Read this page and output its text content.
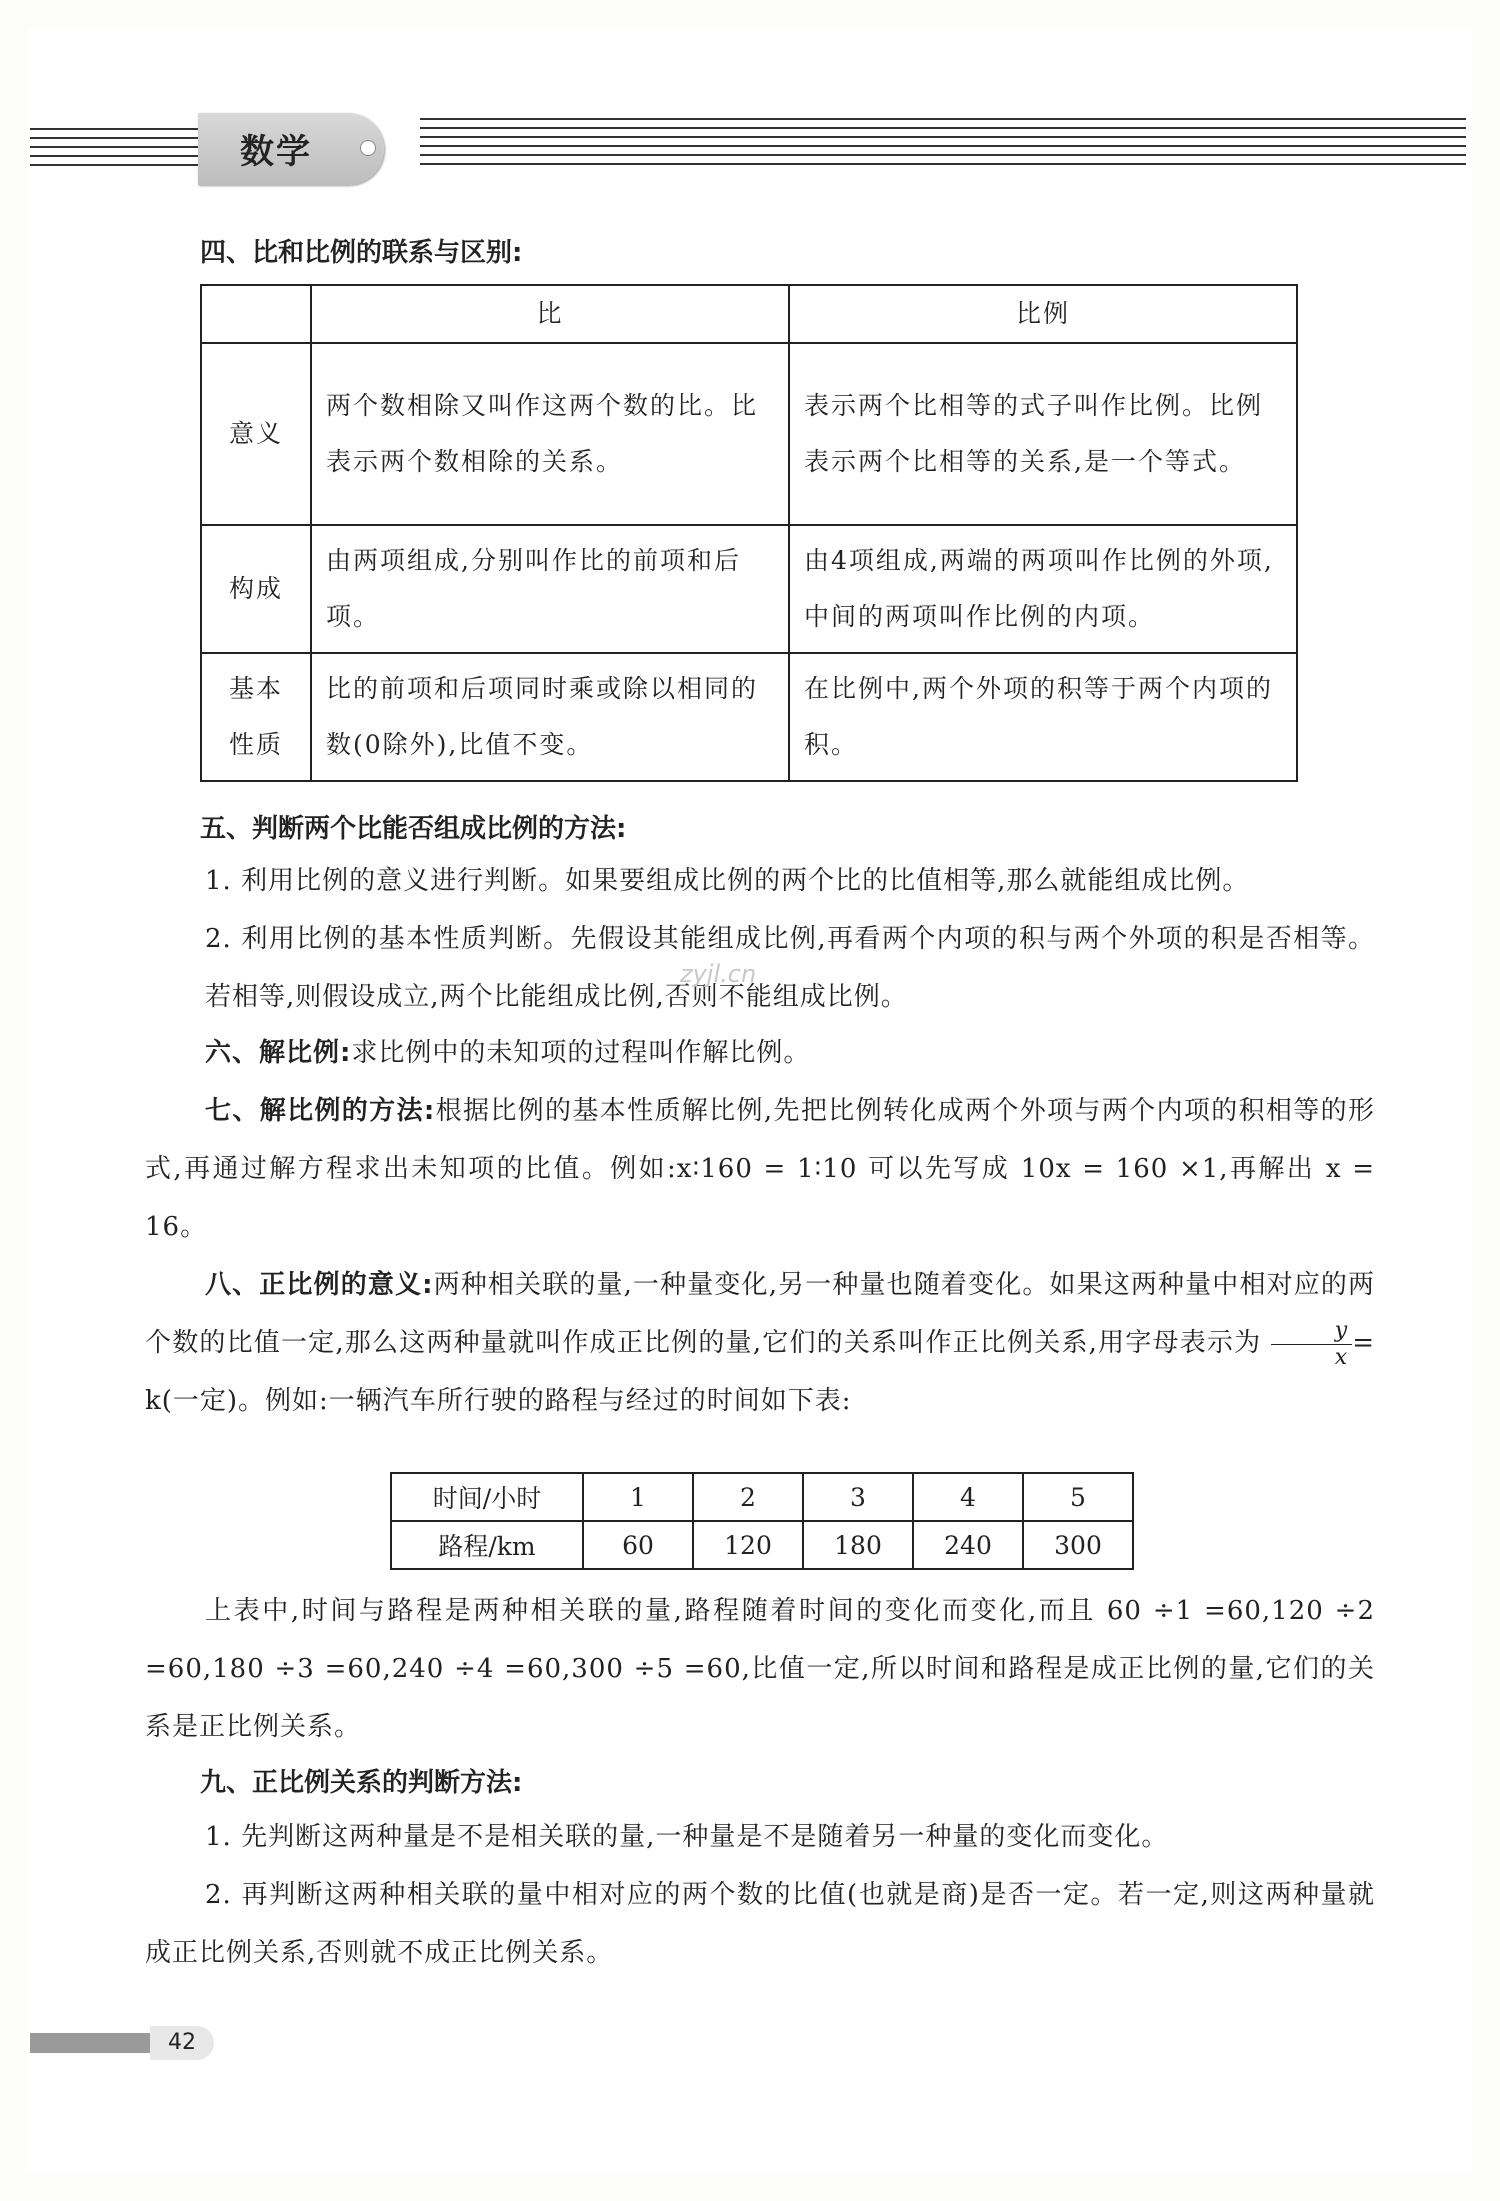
数学
四、比和比例的联系与区别:
	比	比例
意义	两个数相除又叫作这两个数的比。比表示两个数相除的关系。	表示两个比相等的式子叫作比例。比例表示两个比相等的关系,是一个等式。
构成	由两项组成,分别叫作比的前项和后项。	由4项组成,两端的两项叫作比例的外项,中间的两项叫作比例的内项。
基本性质	比的前项和后项同时乘或除以相同的数(0除外),比值不变。	在比例中,两个外项的积等于两个内项的积。
五、判断两个比能否组成比例的方法:
1. 利用比例的意义进行判断。如果要组成比例的两个比的比值相等,那么就能组成比例。
2. 利用比例的基本性质判断。先假设其能组成比例,再看两个内项的积与两个外项的积是否相等。若相等,则假设成立,两个比能组成比例,否则不能组成比例。
zyjl.cn
六、解比例:求比例中的未知项的过程叫作解比例。
七、解比例的方法:根据比例的基本性质解比例,先把比例转化成两个外项与两个内项的积相等的形式,再通过解方程求出未知项的比值。例如:x∶160 = 1∶10 可以先写成 10x = 160 ×1,再解出 x = 16。
八、正比例的意义:两种相关联的量,一种量变化,另一种量也随着变化。如果这两种量中相对应的两个数的比值一定,那么这两种量就叫作成正比例的量,它们的关系叫作正比例关系,用字母表示为 $\frac{y}{x} = k$(一定)。例如:一辆汽车所行驶的路程与经过的时间如下表:
时间/小时	1	2	3	4	5
路程/km	60	120	180	240	300
上表中,时间与路程是两种相关联的量,路程随着时间的变化而变化,而且 60 ÷1 =60,120 ÷2 =60,180 ÷3 =60,240 ÷4 =60,300 ÷5 =60,比值一定,所以时间和路程是成正比例的量,它们的关系是正比例关系。
九、正比例关系的判断方法:
1. 先判断这两种量是不是相关联的量,一种量是不是随着另一种量的变化而变化。
2. 再判断这两种相关联的量中相对应的两个数的比值(也就是商)是否一定。若一定,则这两种量就成正比例关系,否则就不成正比例关系。
42
